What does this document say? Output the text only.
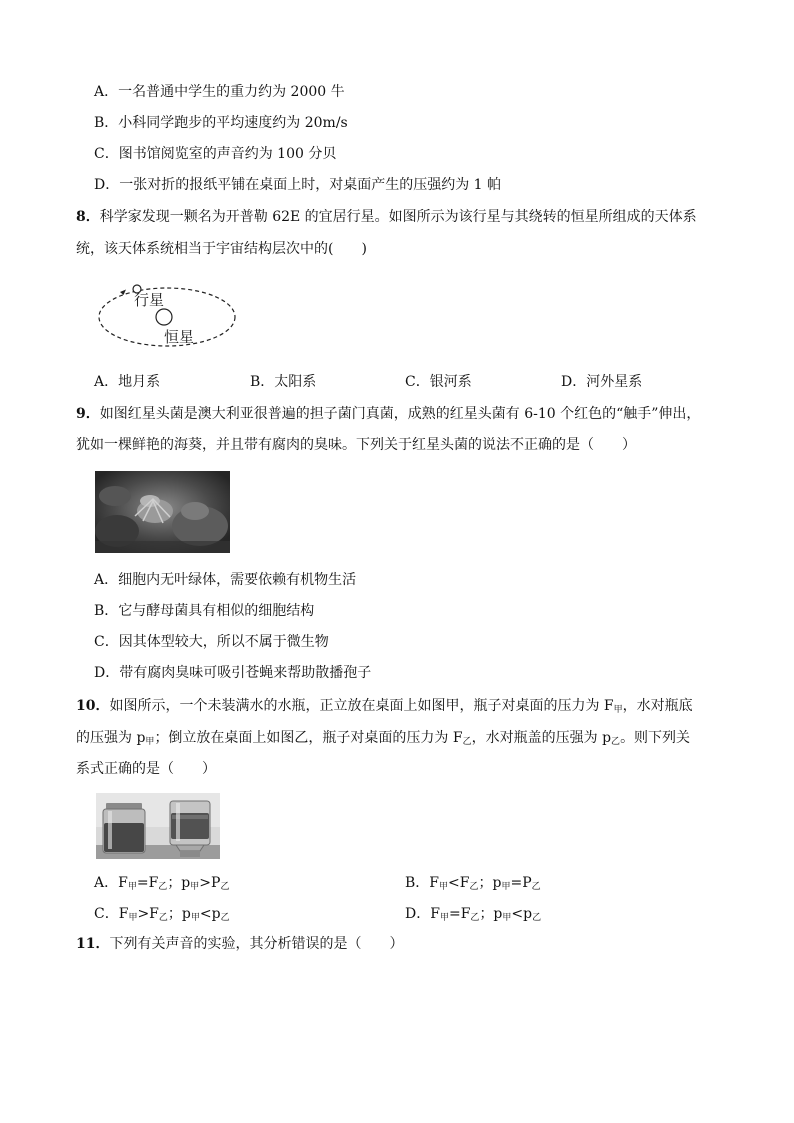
A．一名普通中学生的重力约为 2000 牛
B．小科同学跑步的平均速度约为 20m/s
C．图书馆阅览室的声音约为 100 分贝
D．一张对折的报纸平铺在桌面上时，对桌面产生的压强约为 1 帕
8．科学家发现一颗名为开普勒 62E 的宜居行星。如图所示为该行星与其绕转的恒星所组成的天体系
统，该天体系统相当于宇宙结构层次中的(　　)
行星
恒星
A．地月系	B．太阳系	C．银河系	D．河外星系
9．如图红星头菌是澳大利亚很普遍的担子菌门真菌，成熟的红星头菌有 6-10 个红色的“触手”伸出，
犹如一棵鲜艳的海葵，并且带有腐肉的臭味。下列关于红星头菌的说法不正确的是（　　）
A．细胞内无叶绿体，需要依赖有机物生活
B．它与酵母菌具有相似的细胞结构
C．因其体型较大，所以不属于微生物
D．带有腐肉臭味可吸引苍蝇来帮助散播孢子
10．如图所示，一个未装满水的水瓶，正立放在桌面上如图甲，瓶子对桌面的压力为 $F_甲$，水对瓶底
的压强为 $p_甲$；倒立放在桌面上如图乙，瓶子对桌面的压力为 $F_乙$，水对瓶盖的压强为 $p_乙$。则下列关
系式正确的是（　　）
A．$F_甲=F_乙$；$p_甲>P_乙$	B．$F_甲<F_乙$；$p_甲=P_乙$
C．$F_甲>F_乙$；$p_甲<p_乙$	D．$F_甲=F_乙$；$p_甲<p_乙$
11．下列有关声音的实验，其分析错误的是（　　）
